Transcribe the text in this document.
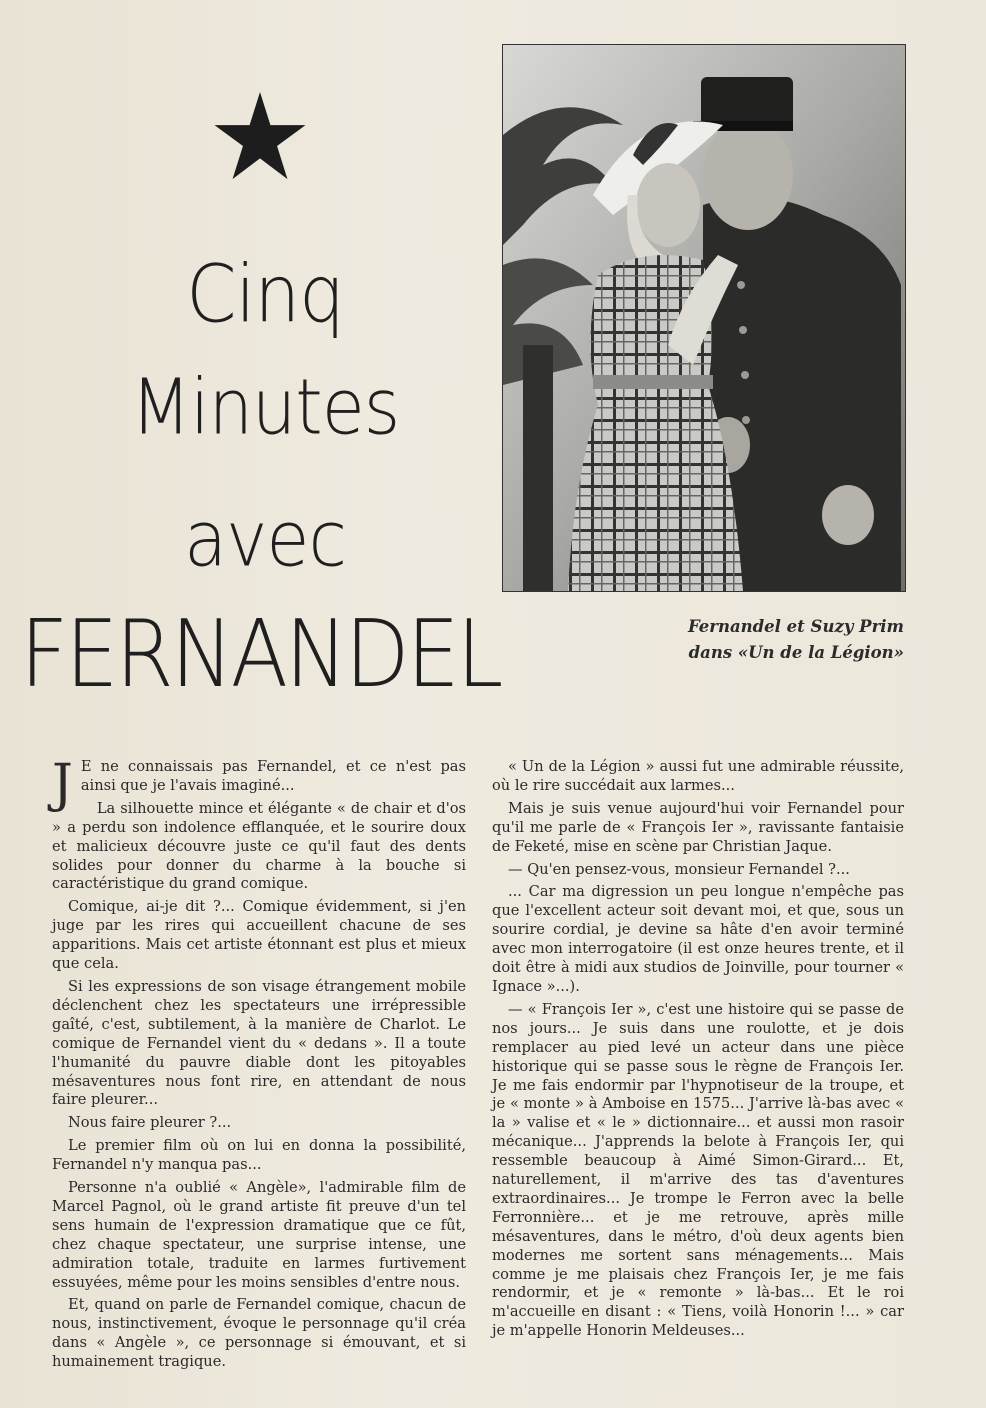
Cinq
Minutes
avec
FERNANDEL	Fernandel et Suzy Prim
dans «Un de la Légion»

J E ne connaissais pas Fernandel, et ce n'est pas ainsi que je l'avais imaginé...

La silhouette mince et élégante « de chair et d'os » a perdu son indolence efflanquée, et le sourire doux et malicieux découvre juste ce qu'il faut des dents solides pour donner du charme à la bouche si caractéristique du grand comique.

Comique, ai-je dit ?... Comique évidemment, si j'en juge par les rires qui accueillent chacune de ses apparitions. Mais cet artiste étonnant est plus et mieux que cela.

Si les expressions de son visage étrangement mobile déclenchent chez les spectateurs une irrépressible gaîté, c'est, subtilement, à la manière de Charlot. Le comique de Fernandel vient du « dedans ». Il a toute l'humanité du pauvre diable dont les pitoyables mésaventures nous font rire, en attendant de nous faire pleurer...

Nous faire pleurer ?...

Le premier film où on lui en donna la possibilité, Fernandel n'y manqua pas...

Personne n'a oublié « Angèle», l'admirable film de Marcel Pagnol, où le grand artiste fit preuve d'un tel sens humain de l'expression dramatique que ce fût, chez chaque spectateur, une surprise intense, une admiration totale, traduite en larmes furtivement essuyées, même pour les moins sensibles d'entre nous.

Et, quand on parle de Fernandel comique, chacun de nous, instinctivement, évoque le personnage qu'il créa dans « Angèle », ce personnage si émouvant, et si humainement tragique.

« Un de la Légion » aussi fut une admirable réussite, où le rire succédait aux larmes...

Mais je suis venue aujourd'hui voir Fernandel pour qu'il me parle de « François Ier », ravissante fantaisie de Feketé, mise en scène par Christian Jaque.

— Qu'en pensez-vous, monsieur Fernandel ?...

... Car ma digression un peu longue n'empêche pas que l'excellent acteur soit devant moi, et que, sous un sourire cordial, je devine sa hâte d'en avoir terminé avec mon interrogatoire (il est onze heures trente, et il doit être à midi aux studios de Joinville, pour tourner « Ignace »...).

— « François Ier », c'est une histoire qui se passe de nos jours... Je suis dans une roulotte, et je dois remplacer au pied levé un acteur dans une pièce historique qui se passe sous le règne de François Ier. Je me fais endormir par l'hypnotiseur de la troupe, et je « monte » à Amboise en 1575... J'arrive là-bas avec « la » valise et « le » dictionnaire... et aussi mon rasoir mécanique... J'apprends la belote à François Ier, qui ressemble beaucoup à Aimé Simon-Girard... Et, naturellement, il m'arrive des tas d'aventures extraordinaires... Je trompe le Ferron avec la belle Ferronnière... et je me retrouve, après mille mésaventures, dans le métro, d'où deux agents bien modernes me sortent sans ménagements... Mais comme je me plaisais chez François Ier, je me fais rendormir, et je « remonte » là-bas... Et le roi m'accueille en disant : « Tiens, voilà Honorin !... » car je m'appelle Honorin Meldeuses...
